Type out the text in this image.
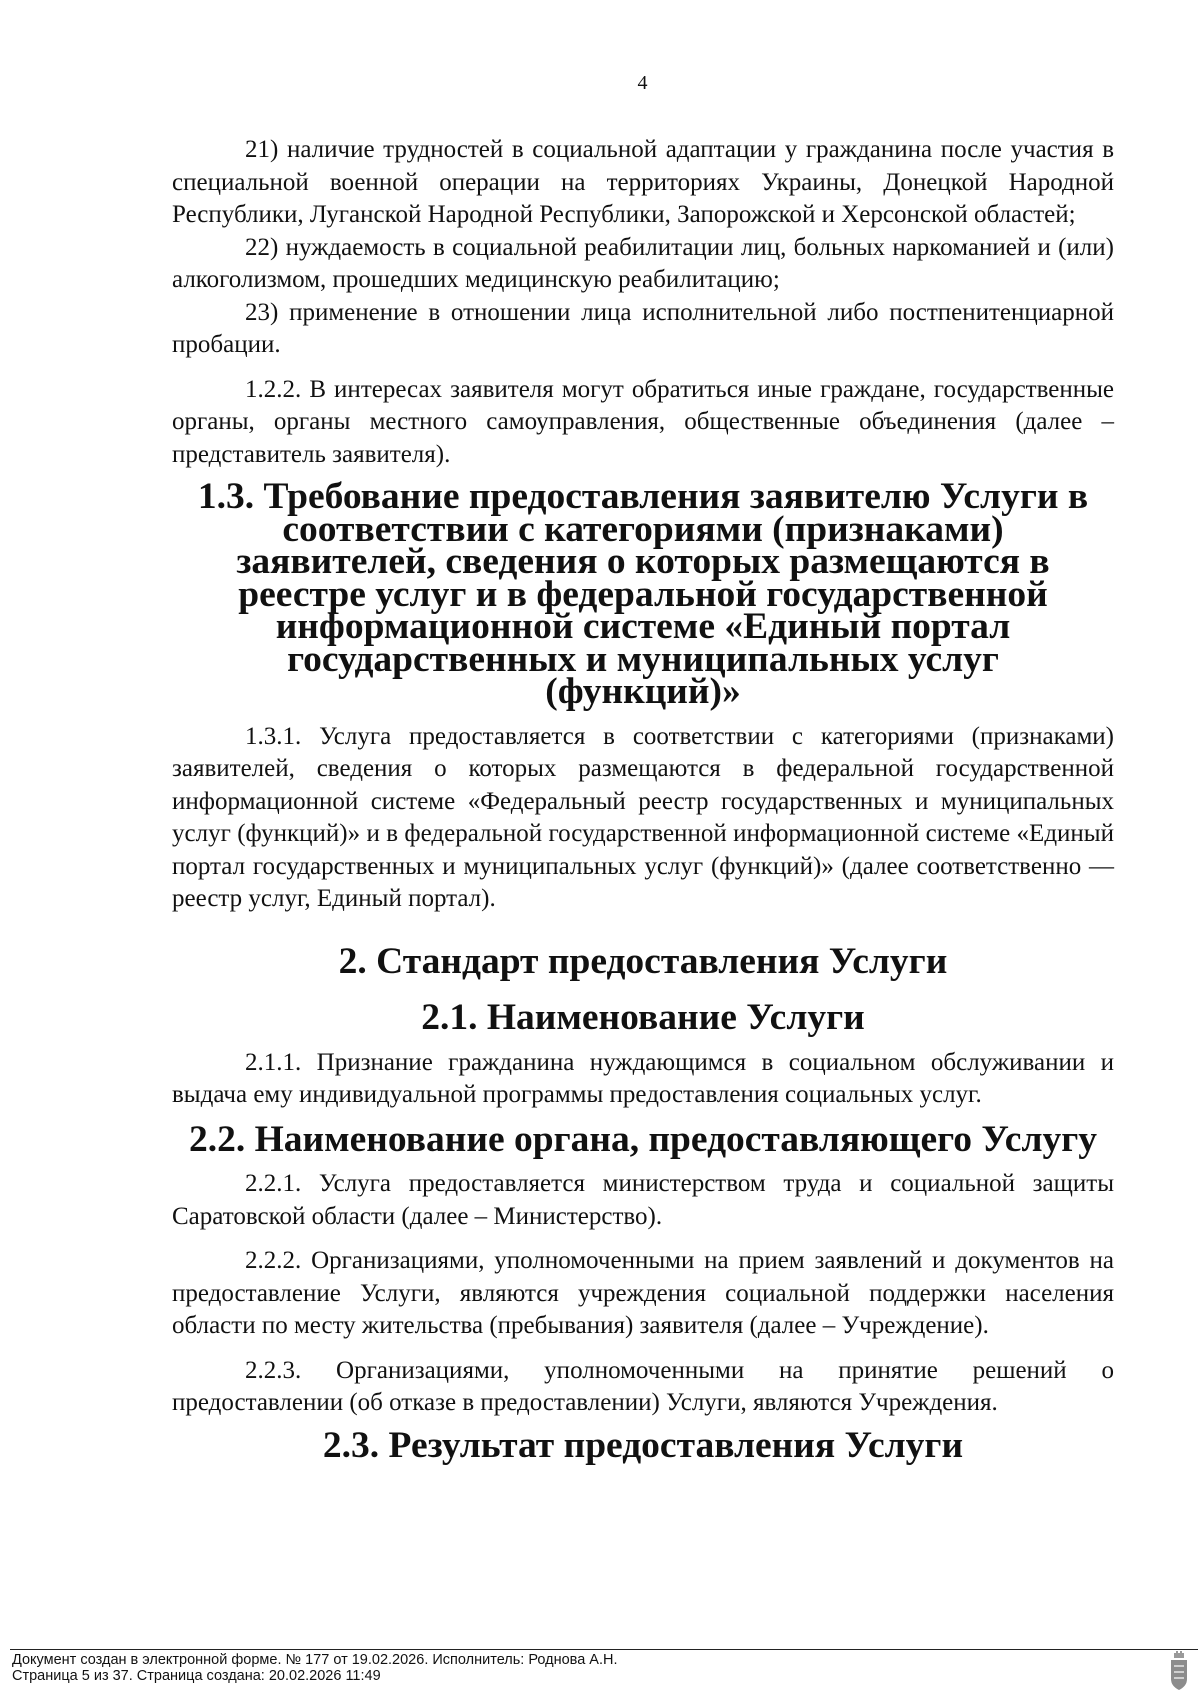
4

21) наличие трудностей в социальной адаптации у гражданина после участия в специальной военной операции на территориях Украины, Донецкой Народной Республики, Луганской Народной Республики, Запорожской и Херсонской областей;

22) нуждаемость в социальной реабилитации лиц, больных наркоманией и (или) алкоголизмом, прошедших медицинскую реабилитацию;

23) применение в отношении лица исполнительной либо постпенитенциарной пробации.

1.2.2. В интересах заявителя могут обратиться иные граждане, государственные органы, органы местного самоуправления, общественные объединения (далее – представитель заявителя).

1.3. Требование предоставления заявителю Услуги в соответствии с категориями (признаками) заявителей, сведения о которых размещаются в реестре услуг и в федеральной государственной информационной системе «Единый портал государственных и муниципальных услуг (функций)»

1.3.1. Услуга предоставляется в соответствии с категориями (признаками) заявителей, сведения о которых размещаются в федеральной государственной информационной системе «Федеральный реестр государственных и муниципальных услуг (функций)» и в федеральной государственной информационной системе «Единый портал государственных и муниципальных услуг (функций)» (далее соответственно — реестр услуг, Единый портал).

2. Стандарт предоставления Услуги
2.1. Наименование Услуги

2.1.1. Признание гражданина нуждающимся в социальном обслуживании и выдача ему индивидуальной программы предоставления социальных услуг.

2.2. Наименование органа, предоставляющего Услугу

2.2.1. Услуга предоставляется министерством труда и социальной защиты Саратовской области (далее – Министерство).

2.2.2. Организациями, уполномоченными на прием заявлений и документов на предоставление Услуги, являются учреждения социальной поддержки населения области по месту жительства (пребывания) заявителя (далее – Учреждение).

2.2.3. Организациями, уполномоченными на принятие решений о предоставлении (об отказе в предоставлении) Услуги, являются Учреждения.

2.3. Результат предоставления Услуги
Документ создан в электронной форме. № 177 от 19.02.2026. Исполнитель: Роднова А.Н.
Страница 5 из 37. Страница создана: 20.02.2026 11:49
